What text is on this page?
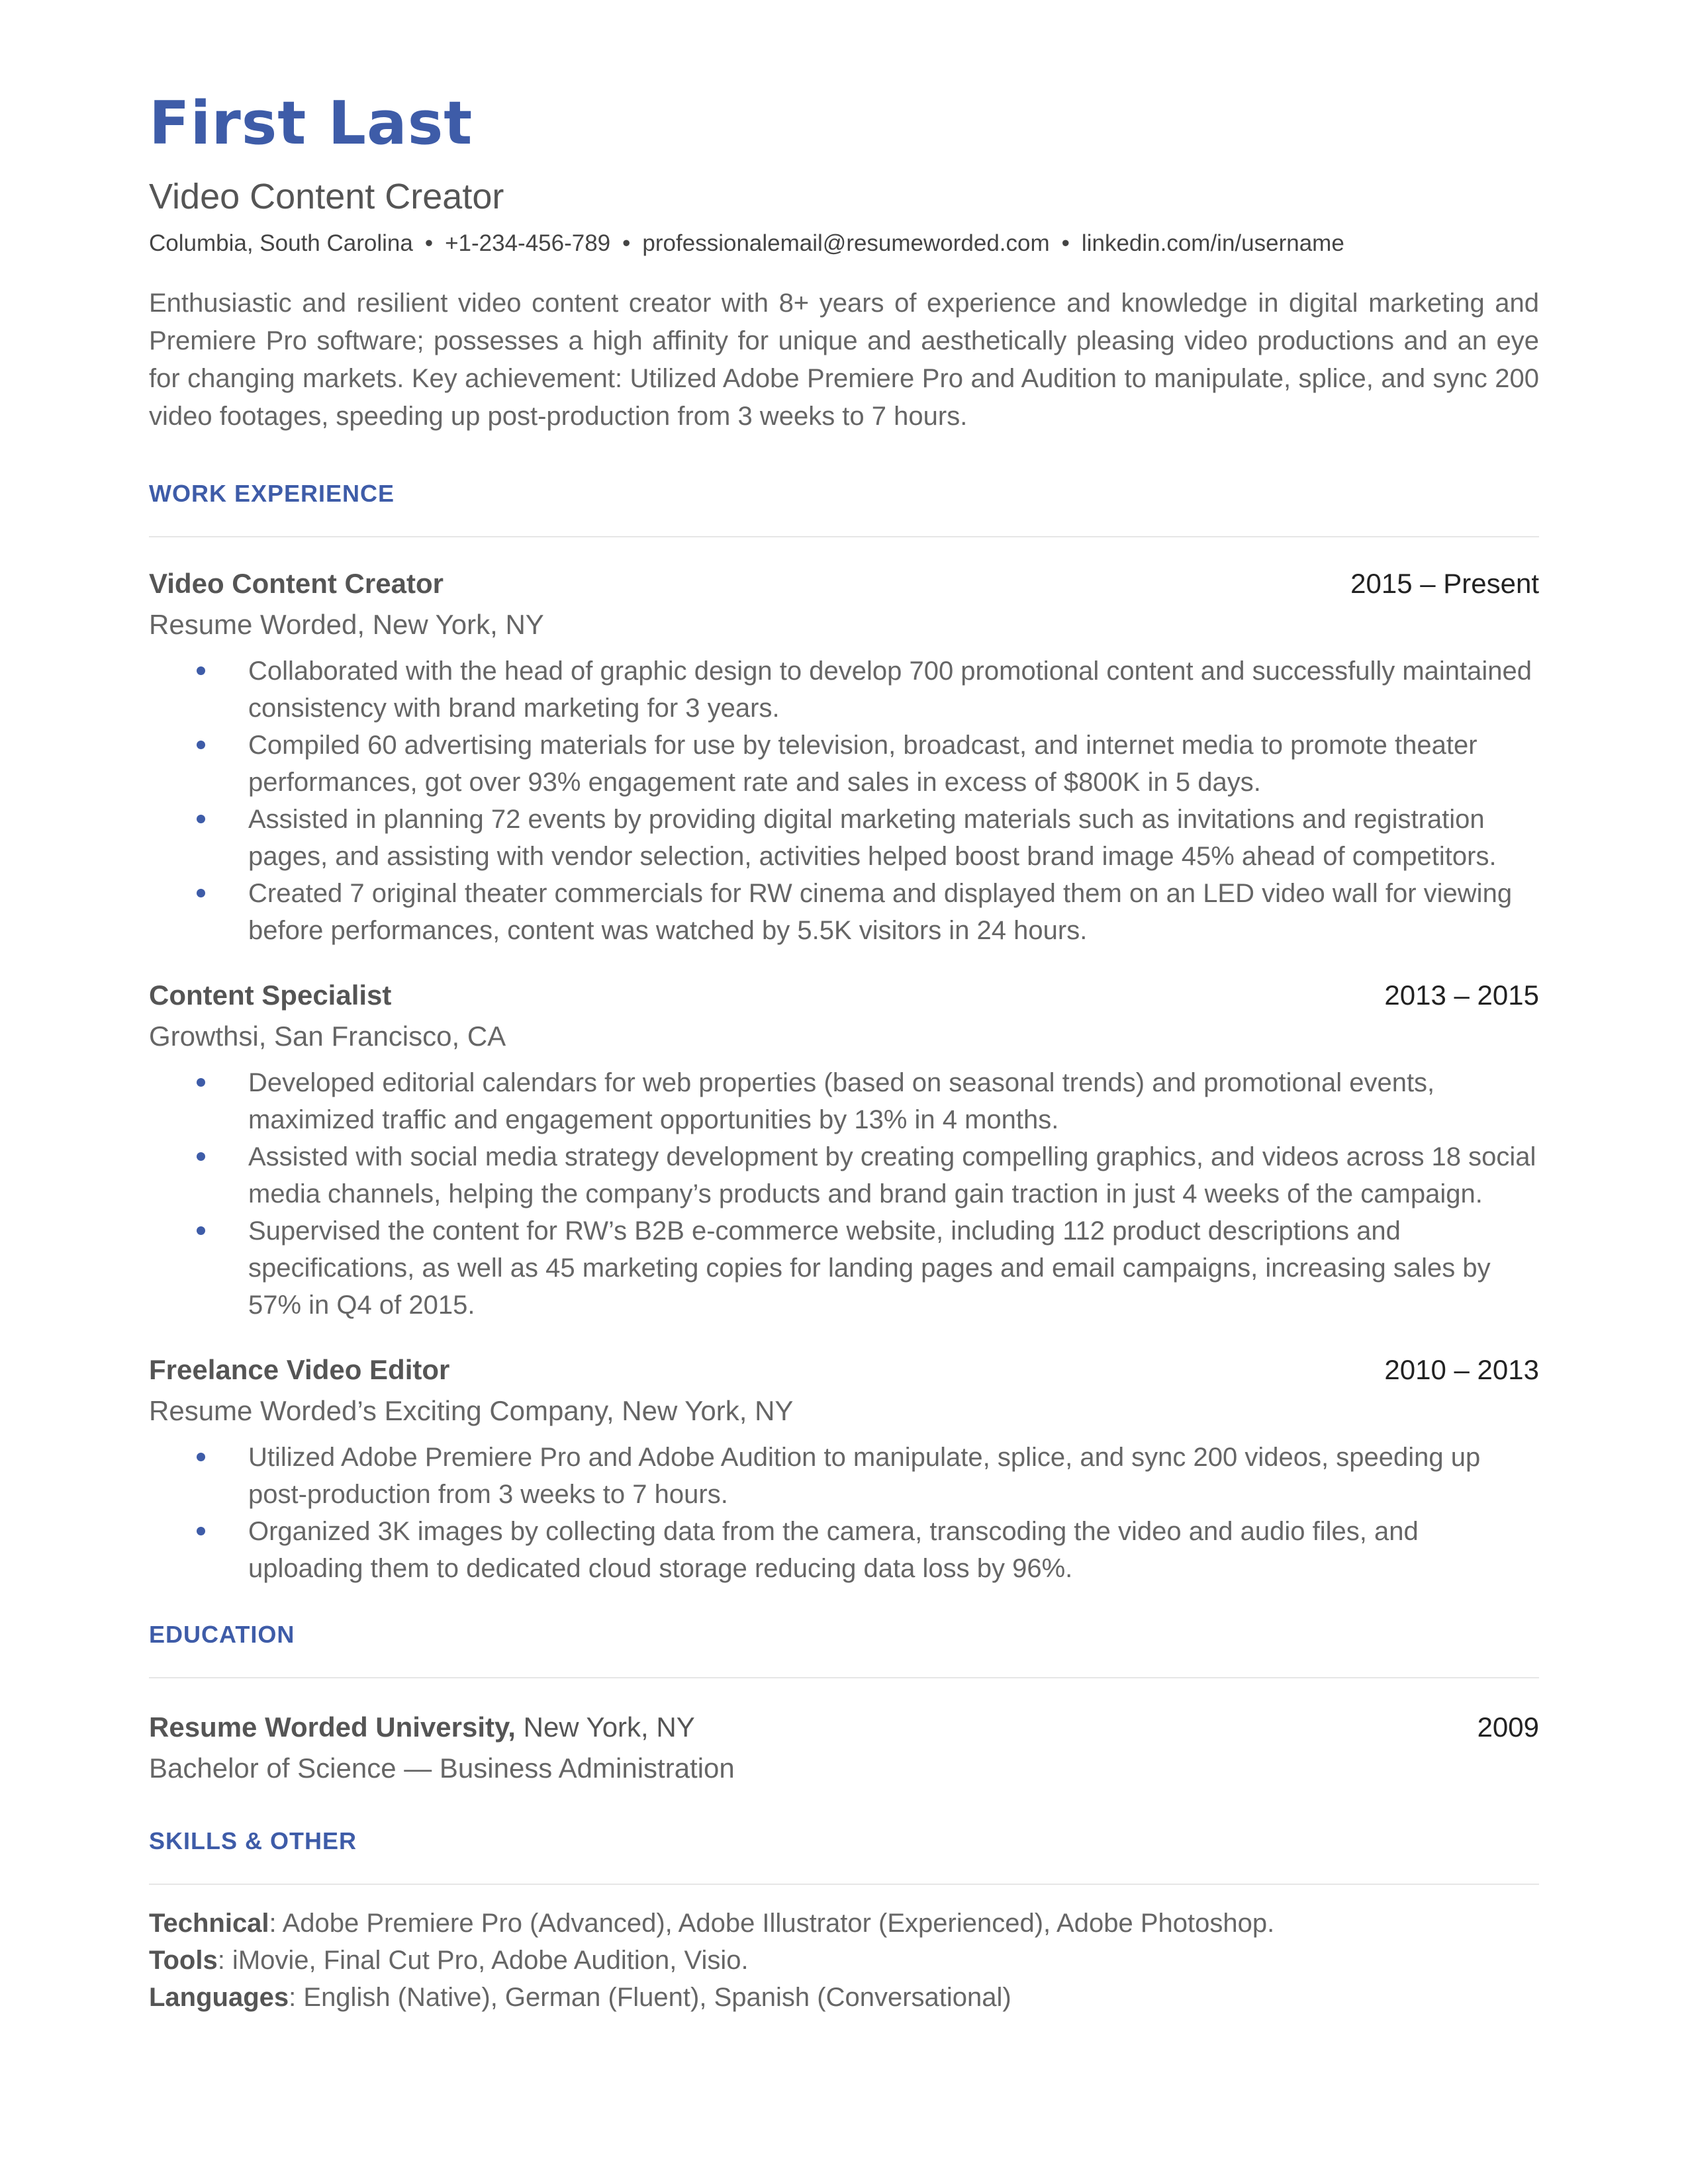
First Last
Video Content Creator
Columbia, South Carolina • +1-234-456-789 • professionalemail@resumeworded.com • linkedin.com/in/username

Enthusiastic and resilient video content creator with 8+ years of experience and knowledge in digital marketing and Premiere Pro software; possesses a high affinity for unique and aesthetically pleasing video productions and an eye for changing markets. Key achievement: Utilized Adobe Premiere Pro and Audition to manipulate, splice, and sync 200 video footages, speeding up post-production from 3 weeks to 7 hours.

WORK EXPERIENCE
Video Content Creator	2015 – Present
Resume Worded, New York, NY
Collaborated with the head of graphic design to develop 700 promotional content and successfully maintained consistency with brand marketing for 3 years.
Compiled 60 advertising materials for use by television, broadcast, and internet media to promote theater performances, got over 93% engagement rate and sales in excess of $800K in 5 days.
Assisted in planning 72 events by providing digital marketing materials such as invitations and registration pages, and assisting with vendor selection, activities helped boost brand image 45% ahead of competitors.
Created 7 original theater commercials for RW cinema and displayed them on an LED video wall for viewing before performances, content was watched by 5.5K visitors in 24 hours.
Content Specialist	2013 – 2015
Growthsi, San Francisco, CA
Developed editorial calendars for web properties (based on seasonal trends) and promotional events, maximized traffic and engagement opportunities by 13% in 4 months.
Assisted with social media strategy development by creating compelling graphics, and videos across 18 social media channels, helping the company’s products and brand gain traction in just 4 weeks of the campaign.
Supervised the content for RW’s B2B e-commerce website, including 112 product descriptions and specifications, as well as 45 marketing copies for landing pages and email campaigns, increasing sales by 57% in Q4 of 2015.
Freelance Video Editor	2010 – 2013
Resume Worded’s Exciting Company, New York, NY
Utilized Adobe Premiere Pro and Adobe Audition to manipulate, splice, and sync 200 videos, speeding up post-production from 3 weeks to 7 hours.
Organized 3K images by collecting data from the camera, transcoding the video and audio files, and uploading them to dedicated cloud storage reducing data loss by 96%.
EDUCATION
Resume Worded University, New York, NY	2009
Bachelor of Science — Business Administration
SKILLS & OTHER
Technical: Adobe Premiere Pro (Advanced), Adobe Illustrator (Experienced), Adobe Photoshop.
Tools: iMovie, Final Cut Pro, Adobe Audition, Visio.
Languages: English (Native), German (Fluent), Spanish (Conversational)
